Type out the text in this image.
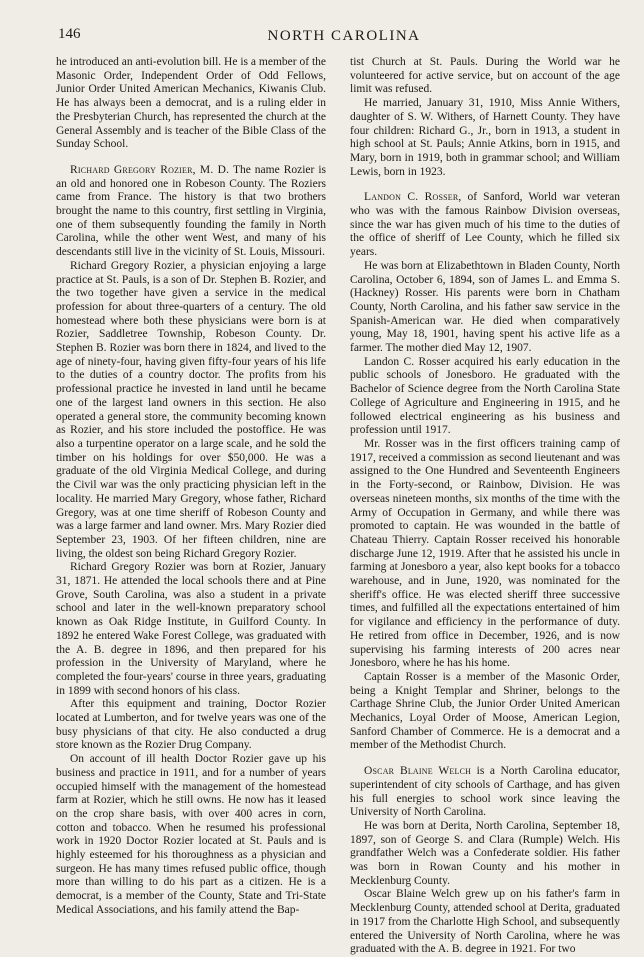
146	NORTH CAROLINA

he introduced an anti-evolution bill. He is a member of the Masonic Order, Independent Order of Odd Fellows, Junior Order United American Mechanics, Kiwanis Club. He has always been a democrat, and is a ruling elder in the Presbyterian Church, has represented the church at the General Assembly and is teacher of the Bible Class of the Sunday School.

Richard Gregory Rozier, M. D. The name Rozier is an old and honored one in Robeson County. The Roziers came from France. The history is that two brothers brought the name to this country, first settling in Virginia, one of them subsequently founding the family in North Carolina, while the other went West, and many of his descendants still live in the vicinity of St. Louis, Missouri.

Richard Gregory Rozier, a physician enjoying a large practice at St. Pauls, is a son of Dr. Stephen B. Rozier, and the two together have given a service in the medical profession for about three-quarters of a century. The old homestead where both these physicians were born is at Rozier, Saddletree Township, Robeson County. Dr. Stephen B. Rozier was born there in 1824, and lived to the age of ninety-four, having given fifty-four years of his life to the duties of a country doctor. The profits from his professional practice he invested in land until he became one of the largest land owners in this section. He also operated a general store, the community becoming known as Rozier, and his store included the postoffice. He was also a turpentine operator on a large scale, and he sold the timber on his holdings for over $50,000. He was a graduate of the old Virginia Medical College, and during the Civil war was the only practicing physician left in the locality. He married Mary Gregory, whose father, Richard Gregory, was at one time sheriff of Robeson County and was a large farmer and land owner. Mrs. Mary Rozier died September 23, 1903. Of her fifteen children, nine are living, the oldest son being Richard Gregory Rozier.

Richard Gregory Rozier was born at Rozier, January 31, 1871. He attended the local schools there and at Pine Grove, South Carolina, was also a student in a private school and later in the well-known preparatory school known as Oak Ridge Institute, in Guilford County. In 1892 he entered Wake Forest College, was graduated with the A. B. degree in 1896, and then prepared for his profession in the University of Maryland, where he completed the four-years' course in three years, graduating in 1899 with second honors of his class.

After this equipment and training, Doctor Rozier located at Lumberton, and for twelve years was one of the busy physicians of that city. He also conducted a drug store known as the Rozier Drug Company.

On account of ill health Doctor Rozier gave up his business and practice in 1911, and for a number of years occupied himself with the management of the homestead farm at Rozier, which he still owns. He now has it leased on the crop share basis, with over 400 acres in corn, cotton and tobacco. When he resumed his professional work in 1920 Doctor Rozier located at St. Pauls and is highly esteemed for his thoroughness as a physician and surgeon. He has many times refused public office, though more than willing to do his part as a citizen. He is a democrat, is a member of the County, State and Tri-State Medical Associations, and his family attend the Bap-

tist Church at St. Pauls. During the World war he volunteered for active service, but on account of the age limit was refused.

He married, January 31, 1910, Miss Annie Withers, daughter of S. W. Withers, of Harnett County. They have four children: Richard G., Jr., born in 1913, a student in high school at St. Pauls; Annie Atkins, born in 1915, and Mary, born in 1919, both in grammar school; and William Lewis, born in 1923.

Landon C. Rosser, of Sanford, World war veteran who was with the famous Rainbow Division overseas, since the war has given much of his time to the duties of the office of sheriff of Lee County, which he filled six years.

He was born at Elizabethtown in Bladen County, North Carolina, October 6, 1894, son of James L. and Emma S. (Hackney) Rosser. His parents were born in Chatham County, North Carolina, and his father saw service in the Spanish-American war. He died when comparatively young, May 18, 1901, having spent his active life as a farmer. The mother died May 12, 1907.

Landon C. Rosser acquired his early education in the public schools of Jonesboro. He graduated with the Bachelor of Science degree from the North Carolina State College of Agriculture and Engineering in 1915, and he followed electrical engineering as his business and profession until 1917.

Mr. Rosser was in the first officers training camp of 1917, received a commission as second lieutenant and was assigned to the One Hundred and Seventeenth Engineers in the Forty-second, or Rainbow, Division. He was overseas nineteen months, six months of the time with the Army of Occupation in Germany, and while there was promoted to captain. He was wounded in the battle of Chateau Thierry. Captain Rosser received his honorable discharge June 12, 1919. After that he assisted his uncle in farming at Jonesboro a year, also kept books for a tobacco warehouse, and in June, 1920, was nominated for the sheriff's office. He was elected sheriff three successive times, and fulfilled all the expectations entertained of him for vigilance and efficiency in the performance of duty. He retired from office in December, 1926, and is now supervising his farming interests of 200 acres near Jonesboro, where he has his home.

Captain Rosser is a member of the Masonic Order, being a Knight Templar and Shriner, belongs to the Carthage Shrine Club, the Junior Order United American Mechanics, Loyal Order of Moose, American Legion, Sanford Chamber of Commerce. He is a democrat and a member of the Methodist Church.

Oscar Blaine Welch is a North Carolina educator, superintendent of city schools of Carthage, and has given his full energies to school work since leaving the University of North Carolina.

He was born at Derita, North Carolina, September 18, 1897, son of George S. and Clara (Rumple) Welch. His grandfather Welch was a Confederate soldier. His father was born in Rowan County and his mother in Mecklenburg County.

Oscar Blaine Welch grew up on his father's farm in Mecklenburg County, attended school at Derita, graduated in 1917 from the Charlotte High School, and subsequently entered the University of North Carolina, where he was graduated with the A. B. degree in 1921. For two
